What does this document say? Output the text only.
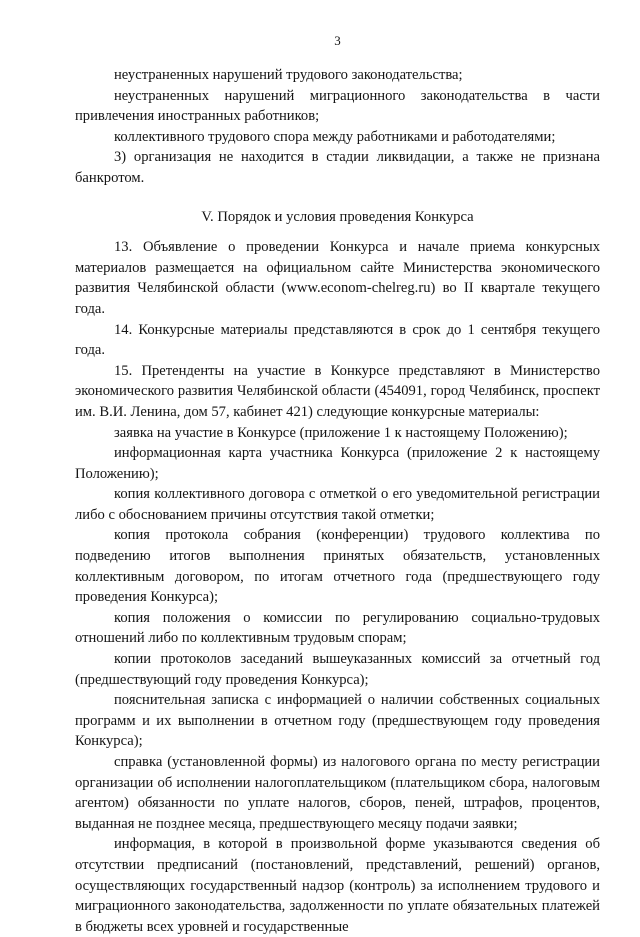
3

неустраненных нарушений трудового законодательства;

неустраненных нарушений миграционного законодательства в части привлечения иностранных работников;

коллективного трудового спора между работниками и работодателями;

3) организация не находится в стадии ликвидации, а также не признана банкротом.

V. Порядок и условия проведения Конкурса

13. Объявление о проведении Конкурса и начале приема конкурсных материалов размещается на официальном сайте Министерства экономического развития Челябинской области (www.econom-chelreg.ru) во II квартале текущего года.

14. Конкурсные материалы представляются в срок до 1 сентября текущего года.

15. Претенденты на участие в Конкурсе представляют в Министерство экономического развития Челябинской области (454091, город Челябинск, проспект им. В.И. Ленина, дом 57, кабинет 421) следующие конкурсные материалы:

заявка на участие в Конкурсе (приложение 1 к настоящему Положению);

информационная карта участника Конкурса (приложение 2 к настоящему Положению);

копия коллективного договора с отметкой о его уведомительной регистрации либо с обоснованием причины отсутствия такой отметки;

копия протокола собрания (конференции) трудового коллектива по подведению итогов выполнения принятых обязательств, установленных коллективным договором, по итогам отчетного года (предшествующего году проведения Конкурса);

копия положения о комиссии по регулированию социально-трудовых отношений либо по коллективным трудовым спорам;

копии протоколов заседаний вышеуказанных комиссий за отчетный год (предшествующий году проведения Конкурса);

пояснительная записка с информацией о наличии собственных социальных программ и их выполнении в отчетном году (предшествующем году проведения Конкурса);

справка (установленной формы) из налогового органа по месту регистрации организации об исполнении налогоплательщиком (плательщиком сбора, налоговым агентом) обязанности по уплате налогов, сборов, пеней, штрафов, процентов, выданная не позднее месяца, предшествующего месяцу подачи заявки;

информация, в которой в произвольной форме указываются сведения об отсутствии предписаний (постановлений, представлений, решений) органов, осуществляющих государственный надзор (контроль) за исполнением трудового и миграционного законодательства, задолженности по уплате обязательных платежей в бюджеты всех уровней и государственные
